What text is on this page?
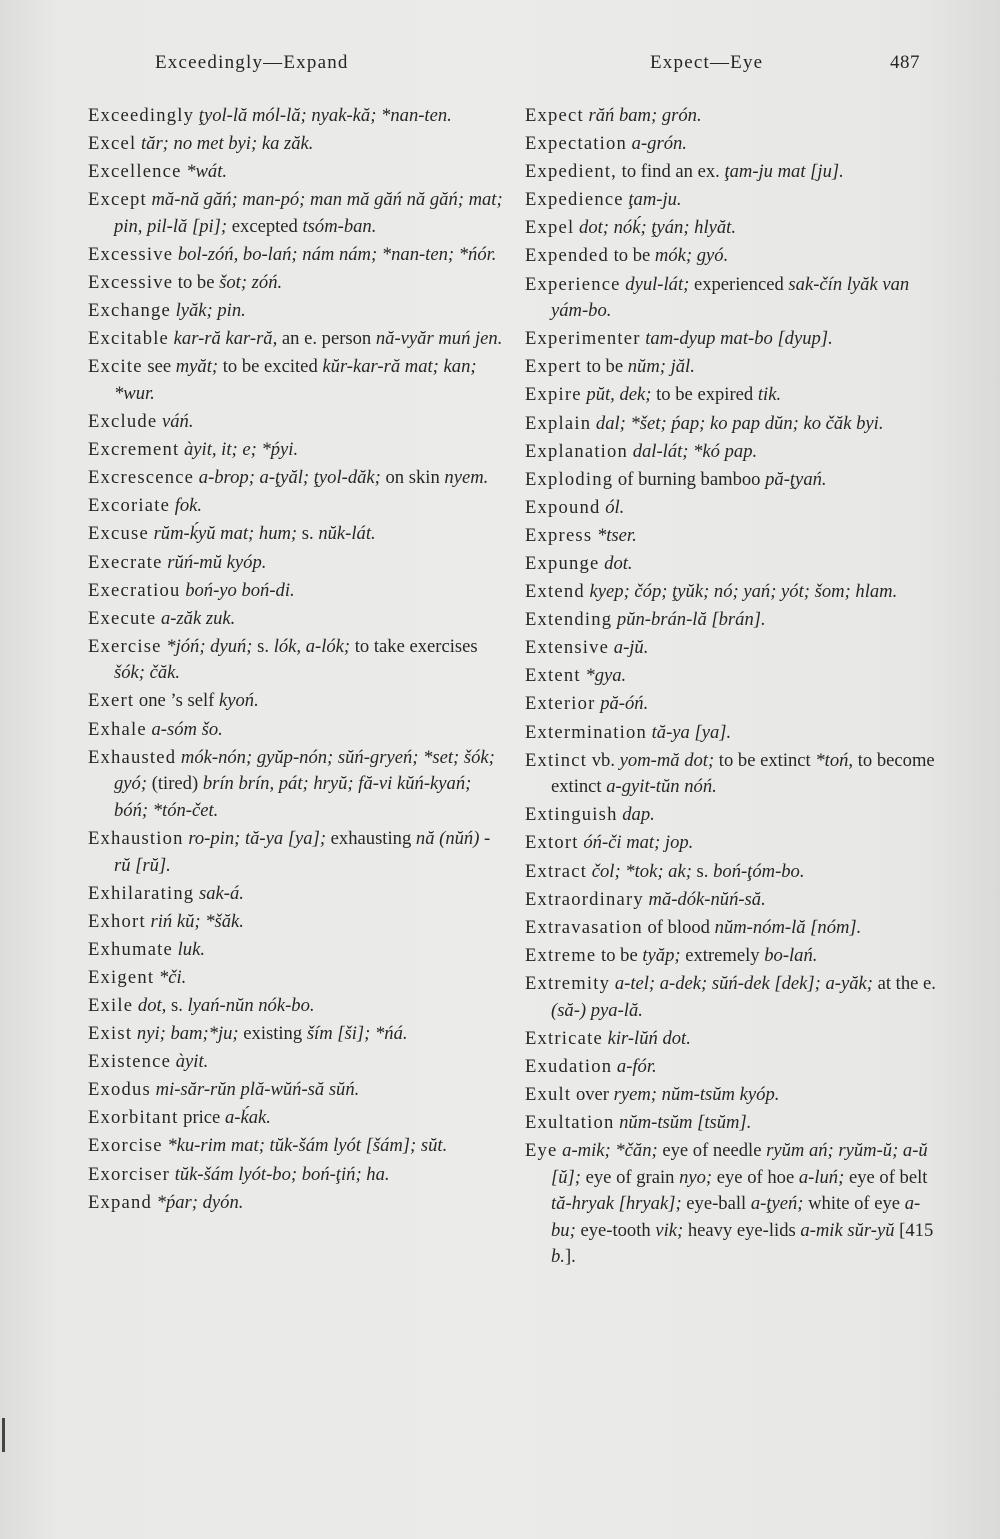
Exceedingly—Expand	Expect—Eye	487
Exceedingly ţyol-lă mól-lă; nyak-kă; *nan-ten.
Excel tăr; no met byi; ka zăk.
Excellence *wát.
Except mă-nă găń; man-pó; man mă găń nă găń; mat; pin, pil-lă [pi]; excepted tsóm-ban.
Excessive bol-zóń, bo-lań; nám nám; *nan-ten; *ńór.
Excessive to be šot; zóń.
Exchange lyăk; pin.
Excitable kar-ră kar-ră, an e. person nă-vyăr muń jen.
Excite see myăt; to be excited kŭr-kar-ră mat; kan; *wur.
Exclude váń.
Excrement àyit, it; e; *ṕyi.
Excrescence a-brop; a-ţyăl; ţyol-dăk; on skin nyem.
Excoriate fok.
Excuse rŭm-ḱyŭ mat; hum; s. nŭk-lát.
Execrate rŭń-mŭ kyóp.
Execratiou boń-yo boń-di.
Execute a-zăk zuk.
Exercise *jóń; dyuń; s. lók, a-lók; to take exercises šók; čăk.
Exert one ’s self kyoń.
Exhale a-sóm šo.
Exhausted mók-nón; gyŭp-nón; sŭń-gryeń; *set; šók; gyó; (tired) brín brín, pát; hryŭ; fă-vi kŭń-kyań; bóń; *tón-čet.
Exhaustion ro-pin; tă-ya [ya]; exhausting nă (nŭń) -rŭ [rŭ].
Exhilarating sak-á.
Exhort riń kŭ; *šăk.
Exhumate luk.
Exigent *či.
Exile dot, s. lyań-nŭn nók-bo.
Exist nyi; bam;*ju; existing ším [ši]; *ńá.
Existence àyit.
Exodus mi-săr-rŭn plă-wŭń-să sŭń.
Exorbitant price a-ḱak.
Exorcise *ku-rim mat; tŭk-šám lyót [šám]; sŭt.
Exorciser tŭk-šám lyót-bo; boń-ţiń; ha.
Expand *ṕar; dyón.
Expect răń bam; grón.
Expectation a-grón.
Expedient, to find an ex. ţam-ju mat [ju].
Expedience ţam-ju.
Expel dot; nóḱ; ţyán; hlyăt.
Expended to be mók; gyó.
Experience dyul-lát; experienced sak-čín lyăk van yám-bo.
Experimenter tam-dyup mat-bo [dyup].
Expert to be nŭm; jăl.
Expire pŭt, dek; to be expired tik.
Explain dal; *šet; ṕap; ko pap dŭn; ko čăk byi.
Explanation dal-lát; *kó pap.
Exploding of burning bamboo pă-ţyań.
Expound ól.
Express *tser.
Expunge dot.
Extend kyep; čóp; ţyŭk; nó; yań; yót; šom; hlam.
Extending pŭn-brán-lă [brán].
Extensive a-jŭ.
Extent *gya.
Exterior pă-óń.
Extermination tă-ya [ya].
Extinct vb. yom-mă dot; to be extinct *toń, to become extinct a-gyit-tŭn nóń.
Extinguish dap.
Extort óń-či mat; jop.
Extract čol; *tok; ak; s. boń-ţóm-bo.
Extraordinary mă-dók-nŭń-să.
Extravasation of blood nŭm-nóm-lă [nóm].
Extreme to be tyăp; extremely bo-lań.
Extremity a-tel; a-dek; sŭń-dek [dek]; a-yăk; at the e. (să-) pya-lă.
Extricate kir-lŭń dot.
Exudation a-fór.
Exult over ryem; nŭm-tsŭm kyóp.
Exultation nŭm-tsŭm [tsŭm].
Eye a-mik; *čăn; eye of needle ryŭm ań; ryŭm-ŭ; a-ŭ [ŭ]; eye of grain nyo; eye of hoe a-luń; eye of belt tă-hryak [hryak]; eye-ball a-ţyeń; white of eye a-bu; eye-tooth vik; heavy eye-lids a-mik sŭr-yŭ [415 b.].
